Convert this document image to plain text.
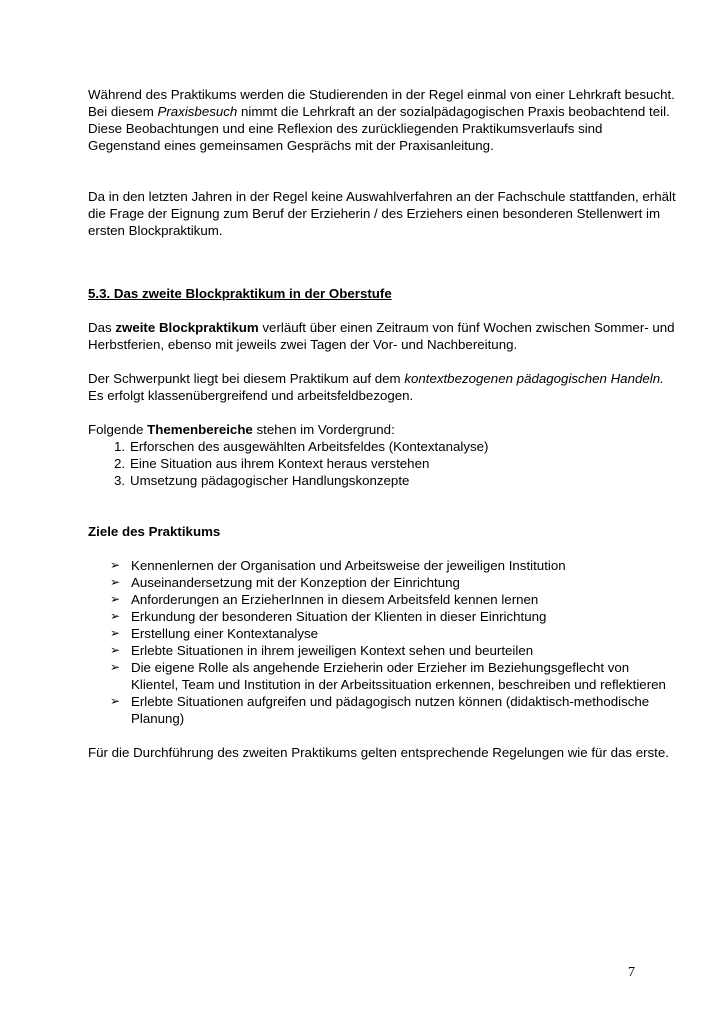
Während des Praktikums werden die Studierenden in der Regel einmal von einer Lehrkraft besucht. Bei diesem Praxisbesuch nimmt die Lehrkraft an der sozialpädagogischen Praxis beobachtend teil. Diese Beobachtungen und eine Reflexion des zurückliegenden Praktikumsverlaufs sind Gegenstand eines gemeinsamen Gesprächs mit der Praxisanleitung.

Da in den letzten Jahren in der Regel keine Auswahlverfahren an der Fachschule stattfanden, erhält die Frage der Eignung zum Beruf der Erzieherin / des Erziehers einen besonderen Stellenwert im ersten Blockpraktikum.

5.3. Das zweite Blockpraktikum in der Oberstufe

Das zweite Blockpraktikum verläuft über einen Zeitraum von fünf Wochen zwischen Sommer- und Herbstferien, ebenso mit jeweils zwei Tagen der Vor- und Nachbereitung.

Der Schwerpunkt liegt bei diesem Praktikum auf dem kontextbezogenen pädagogischen Handeln. Es erfolgt klassenübergreifend und arbeitsfeldbezogen.

Folgende Themenbereiche stehen im Vordergrund:

1. Erforschen des ausgewählten Arbeitsfeldes (Kontextanalyse)
2. Eine Situation aus ihrem Kontext heraus verstehen
3. Umsetzung pädagogischer Handlungskonzepte

Ziele des Praktikums

➢ Kennenlernen der Organisation und Arbeitsweise der jeweiligen Institution
➢ Auseinandersetzung mit der Konzeption der Einrichtung
➢ Anforderungen an ErzieherInnen in diesem Arbeitsfeld kennen lernen
➢ Erkundung der besonderen Situation der Klienten in dieser Einrichtung
➢ Erstellung einer Kontextanalyse
➢ Erlebte Situationen in ihrem jeweiligen Kontext sehen und beurteilen
➢ Die eigene Rolle als angehende Erzieherin oder Erzieher im Beziehungsgeflecht von Klientel, Team und Institution in der Arbeitssituation erkennen, beschreiben und reflektieren
➢ Erlebte Situationen aufgreifen und pädagogisch nutzen können (didaktisch-methodische Planung)

Für die Durchführung des zweiten Praktikums gelten entsprechende Regelungen wie für das erste.

7
